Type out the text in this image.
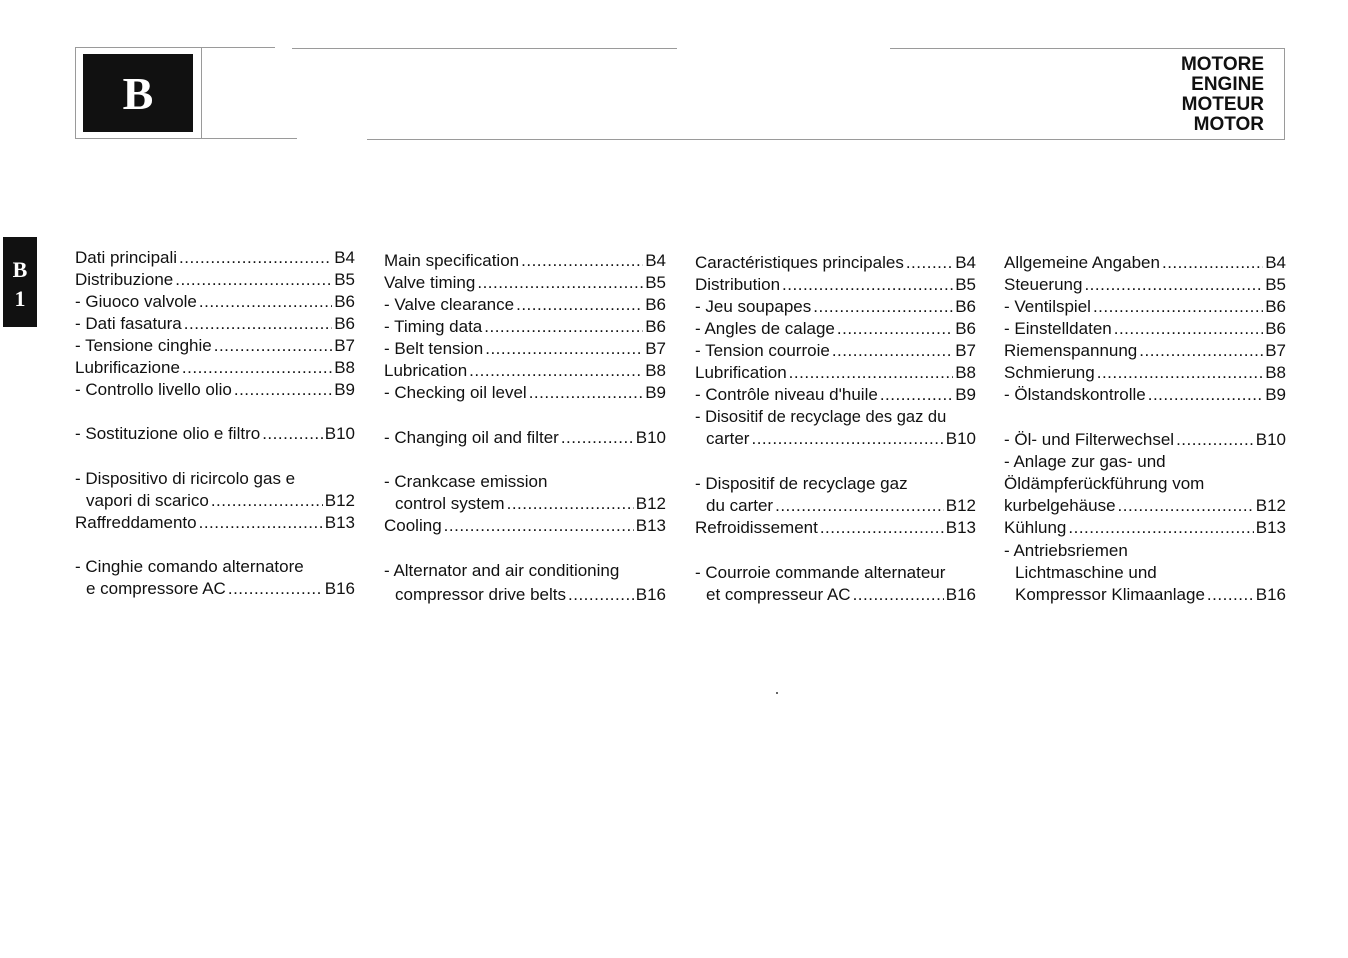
B
MOTORE
ENGINE
MOTEUR
MOTOR
B
1
Dati principali .....	B4
Distribuzione .....	B5
- Giuoco valvole .....	B6
- Dati fasatura .....	B6
- Tensione cinghie .....	B7
Lubrificazione .....	B8
- Controllo livello olio .....	B9
- Sostituzione olio e filtro .....	B10
- Dispositivo di ricircolo gas e
vapori di scarico .....	B12
Raffreddamento .....	B13
- Cinghie comando alternatore
e compressore AC .....	B16
Main specification .....	B4
Valve timing .....	B5
- Valve clearance .....	B6
- Timing data .....	B6
- Belt tension .....	B7
Lubrication .....	B8
- Checking oil level .....	B9
- Changing oil and filter .....	B10
- Crankcase emission
control system .....	B12
Cooling .....	B13
- Alternator and air conditioning
compressor drive belts .....	B16
Caractéristiques principales .....	B4
Distribution .....	B5
- Jeu soupapes .....	B6
- Angles de calage .....	B6
- Tension courroie .....	B7
Lubrification .....	B8
- Contrôle niveau d'huile .....	B9
- Disositif de recyclage des gaz du
carter .....	B10
- Dispositif de recyclage gaz
du carter .....	B12
Refroidissement .....	B13
- Courroie commande alternateur
et compresseur AC .....	B16
Allgemeine Angaben .....	B4
Steuerung .....	B5
- Ventilspiel .....	B6
- Einstelldaten .....	B6
Riemenspannung .....	B7
Schmierung .....	B8
- Ölstandskontrolle .....	B9
- Öl- und Filterwechsel .....	B10
- Anlage zur gas- und
Öldämpferückführung vom
kurbelgehäuse .....	B12
Kühlung .....	B13
- Antriebsriemen
Lichtmaschine und
Kompressor Klimaanlage .....	B16
